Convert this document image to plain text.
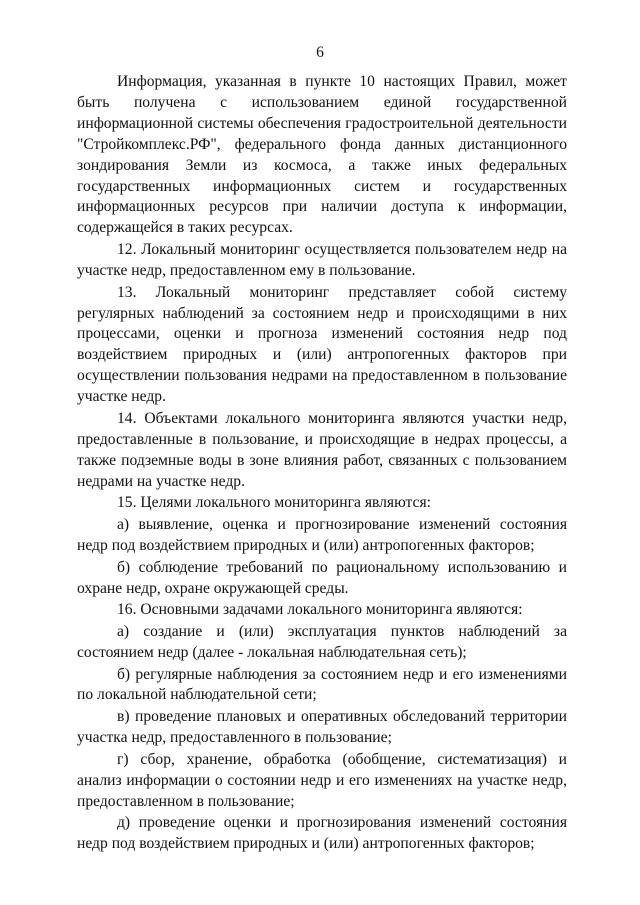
6

Информация, указанная в пункте 10 настоящих Правил, может быть получена с использованием единой государственной информационной системы обеспечения градостроительной деятельности "Стройкомплекс.РФ", федерального фонда данных дистанционного зондирования Земли из космоса, а также иных федеральных государственных информационных систем и государственных информационных ресурсов при наличии доступа к информации, содержащейся в таких ресурсах.

12. Локальный мониторинг осуществляется пользователем недр на участке недр, предоставленном ему в пользование.

13. Локальный мониторинг представляет собой систему регулярных наблюдений за состоянием недр и происходящими в них процессами, оценки и прогноза изменений состояния недр под воздействием природных и (или) антропогенных факторов при осуществлении пользования недрами на предоставленном в пользование участке недр.

14. Объектами локального мониторинга являются участки недр, предоставленные в пользование, и происходящие в недрах процессы, а также подземные воды в зоне влияния работ, связанных с пользованием недрами на участке недр.

15. Целями локального мониторинга являются:

а) выявление, оценка и прогнозирование изменений состояния недр под воздействием природных и (или) антропогенных факторов;

б) соблюдение требований по рациональному использованию и охране недр, охране окружающей среды.

16. Основными задачами локального мониторинга являются:

а) создание и (или) эксплуатация пунктов наблюдений за состоянием недр (далее - локальная наблюдательная сеть);

б) регулярные наблюдения за состоянием недр и его изменениями по локальной наблюдательной сети;

в) проведение плановых и оперативных обследований территории участка недр, предоставленного в пользование;

г) сбор, хранение, обработка (обобщение, систематизация) и анализ информации о состоянии недр и его изменениях на участке недр, предоставленном в пользование;

д) проведение оценки и прогнозирования изменений состояния недр под воздействием природных и (или) антропогенных факторов;
